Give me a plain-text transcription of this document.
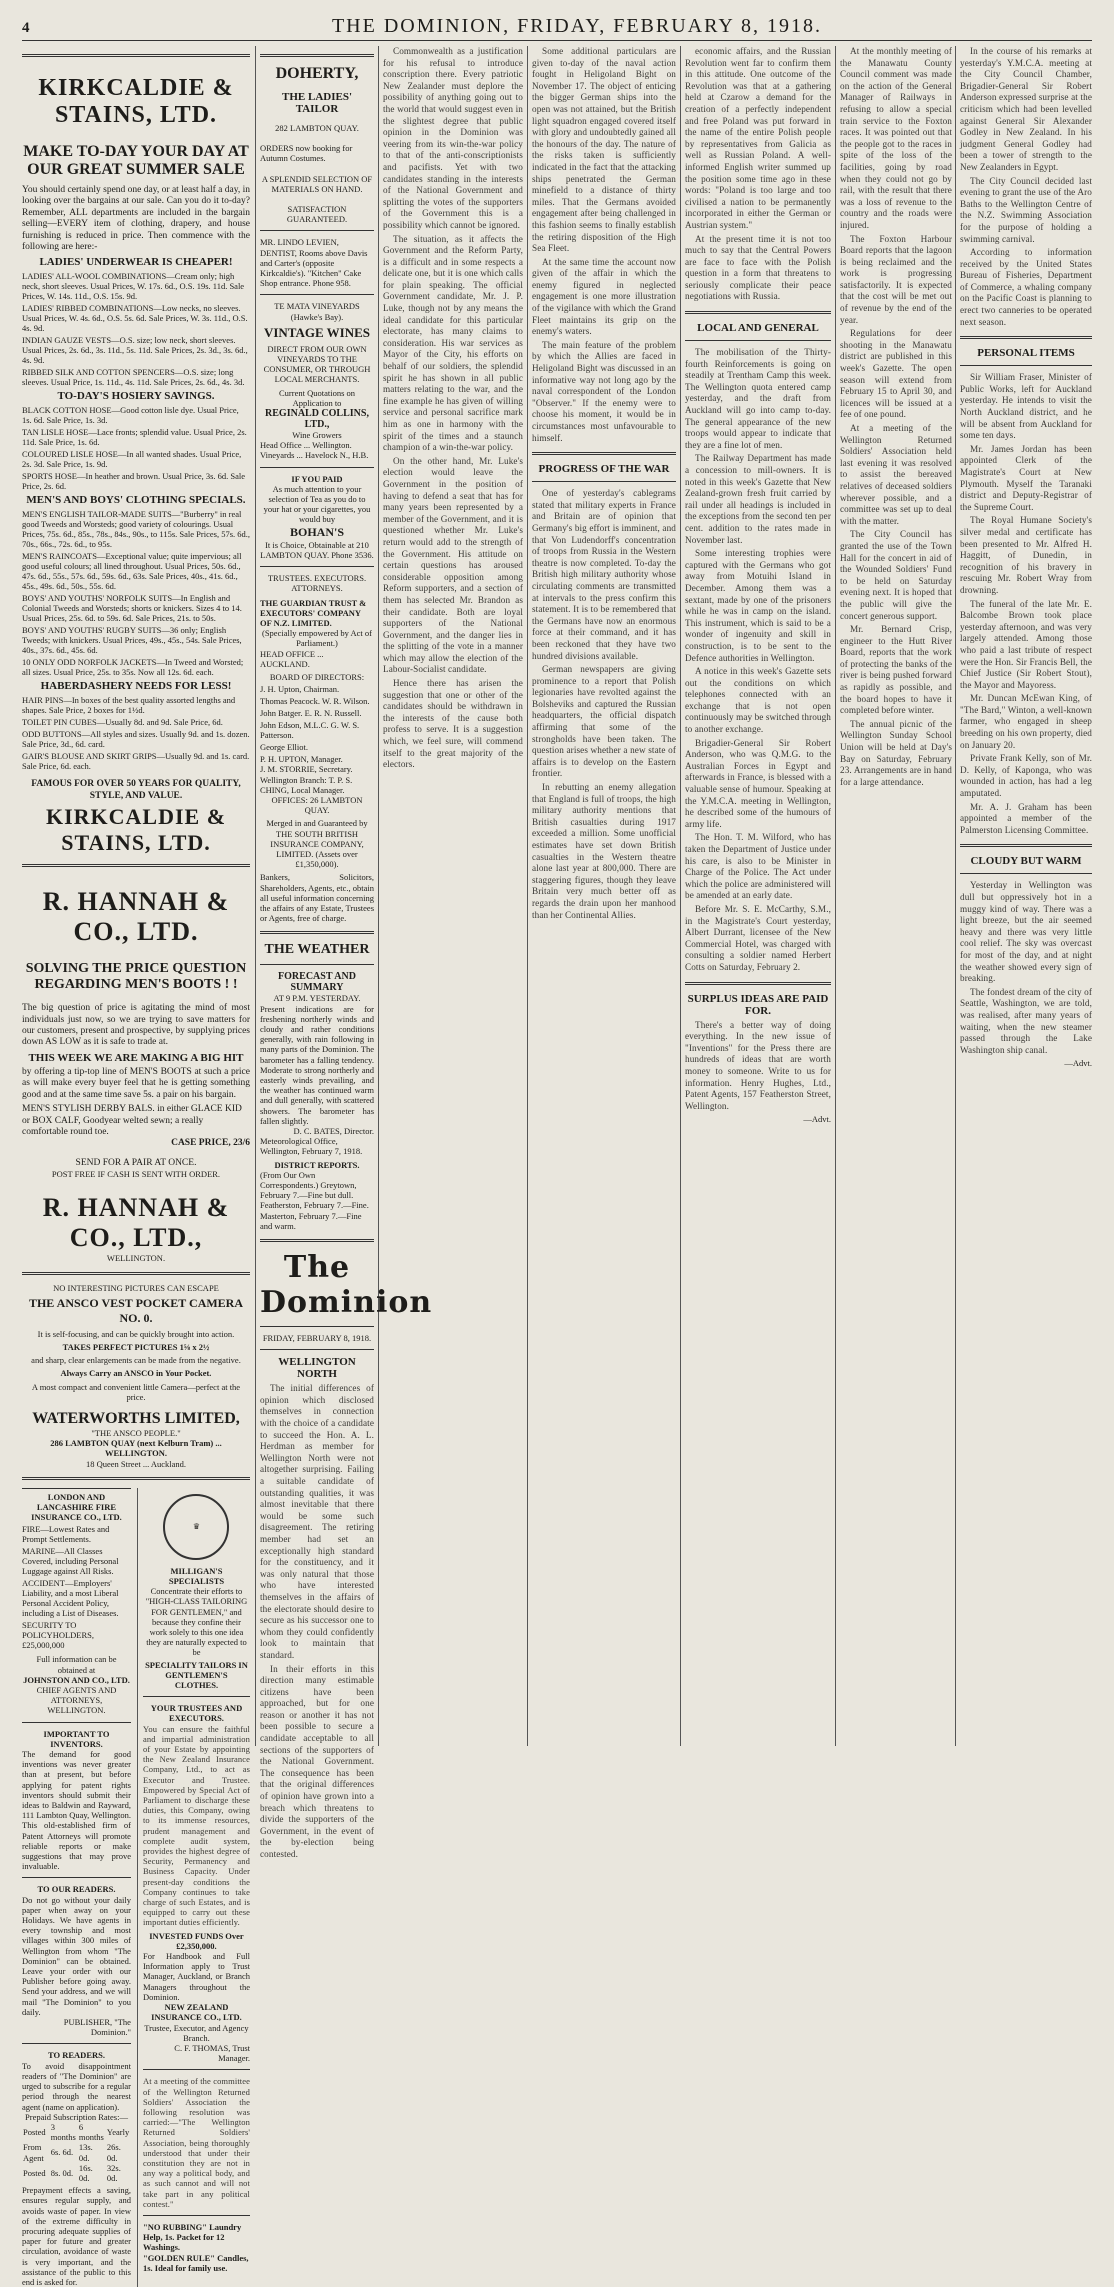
4	THE DOMINION, FRIDAY, FEBRUARY 8, 1918.
KIRKCALDIE & STAINS, LTD.
MAKE TO-DAY YOUR DAY AT OUR GREAT SUMMER SALE
You should certainly spend one day, or at least half a day, in looking over the bargains at our sale. Can you do it to-day? Remember, ALL departments are included in the bargain selling—EVERY item of clothing, drapery, and house furnishing is reduced in price. Then commence with the following are here:-
LADIES' UNDERWEAR IS CHEAPER!
LADIES' ALL-WOOL COMBINATIONS—Cream only; high neck, short sleeves. Usual Prices, W. 17s. 6d., O.S. 19s. 11d. Sale Prices, W. 14s. 11d., O.S. 15s. 9d.
LADIES' RIBBED COMBINATIONS—Low necks, no sleeves. Usual Prices, W. 4s. 6d., O.S. 5s. 6d. Sale Prices, W. 3s. 11d., O.S. 4s. 9d.
INDIAN GAUZE VESTS—O.S. size; low neck, short sleeves. Usual Prices, 2s. 6d., 3s. 11d., 5s. 11d. Sale Prices, 2s. 3d., 3s. 6d., 4s. 9d.
RIBBED SILK AND COTTON SPENCERS—O.S. size; long sleeves. Usual Price, 1s. 11d., 4s. 11d. Sale Prices, 2s. 6d., 4s. 3d.
TO-DAY'S HOSIERY SAVINGS.
BLACK COTTON HOSE—Good cotton lisle dye. Usual Price, 1s. 6d. Sale Price, 1s. 3d.
TAN LISLE HOSE—Lace fronts; splendid value. Usual Price, 2s. 11d. Sale Price, 1s. 6d.
COLOURED LISLE HOSE—In all wanted shades. Usual Price, 2s. 3d. Sale Price, 1s. 9d.
SPORTS HOSE—In heather and brown. Usual Price, 3s. 6d. Sale Price, 2s. 6d.
MEN'S AND BOYS' CLOTHING SPECIALS.
MEN'S ENGLISH TAILOR-MADE SUITS—"Burberry" in real good Tweeds and Worsteds; good variety of colourings. Usual Prices, 75s. 6d., 85s., 78s., 84s., 90s., to 115s. Sale Prices, 57s. 6d., 70s., 66s., 72s. 6d., to 95s.
MEN'S RAINCOATS—Exceptional value; quite impervious; all good useful colours; all lined throughout. Usual Prices, 50s. 6d., 47s. 6d., 55s., 57s. 6d., 59s. 6d., 63s. Sale Prices, 40s., 41s. 6d., 45s., 49s. 6d., 50s., 55s. 6d.
BOYS' AND YOUTHS' NORFOLK SUITS—In English and Colonial Tweeds and Worsteds; shorts or knickers. Sizes 4 to 14. Usual Prices, 25s. 6d. to 59s. 6d. Sale Prices, 21s. to 50s.
BOYS' AND YOUTHS' RUGBY SUITS—36 only; English Tweeds; with knickers. Usual Prices, 49s., 45s., 54s. Sale Prices, 40s., 37s. 6d., 45s. 6d.
10 ONLY ODD NORFOLK JACKETS—In Tweed and Worsted; all sizes. Usual Price, 25s. to 35s. Now all 12s. 6d. each.
HABERDASHERY NEEDS FOR LESS!
HAIR PINS—In boxes of the best quality assorted lengths and shapes. Sale Price, 2 boxes for 1½d.
TOILET PIN CUBES—Usually 8d. and 9d. Sale Price, 6d.
ODD BUTTONS—All styles and sizes. Usually 9d. and 1s. dozen. Sale Price, 3d., 6d. card.
GAIR'S BLOUSE AND SKIRT GRIPS—Usually 9d. and 1s. card. Sale Price, 6d. each.
FAMOUS FOR OVER 50 YEARS FOR QUALITY, STYLE, AND VALUE.
KIRKCALDIE & STAINS, LTD.
R. HANNAH & CO., LTD.
SOLVING THE PRICE QUESTION REGARDING MEN'S BOOTS ! !
The big question of price is agitating the mind of most individuals just now, so we are trying to save matters for our customers, present and prospective, by supplying prices down AS LOW as it is safe to trade at.
THIS WEEK WE ARE MAKING A BIG HIT
by offering a tip-top line of MEN'S BOOTS at such a price as will make every buyer feel that he is getting something good and at the same time save 5s. a pair on his bargain.
MEN'S STYLISH DERBY BALS. in either GLACE KID or BOX CALF, Goodyear welted sewn; a really comfortable round toe.
CASE PRICE, 23/6
SEND FOR A PAIR AT ONCE.
POST FREE IF CASH IS SENT WITH ORDER.
R. HANNAH & CO., LTD.,
WELLINGTON.
NO INTERESTING PICTURES CAN ESCAPE
THE ANSCO VEST POCKET CAMERA NO. 0.
It is self-focusing, and can be quickly brought into action.
TAKES PERFECT PICTURES 1⅝ x 2½
and sharp, clear enlargements can be made from the negative.
Always Carry an ANSCO in Your Pocket.
A most compact and convenient little Camera—perfect at the price.
WATERWORTHS LIMITED,
"THE ANSCO PEOPLE."
286 LAMBTON QUAY (next Kelburn Tram) ... WELLINGTON.
18 Queen Street ... Auckland.
LONDON AND LANCASHIRE FIRE INSURANCE CO., LTD.
FIRE—Lowest Rates and Prompt Settlements.
MARINE—All Classes Covered, including Personal Luggage against All Risks.
ACCIDENT—Employers' Liability, and a most Liberal Personal Accident Policy, including a List of Diseases.
SECURITY TO POLICYHOLDERS, £25,000,000
Full information can be obtained at
JOHNSTON AND CO., LTD.
CHIEF AGENTS AND ATTORNEYS, WELLINGTON.
IMPORTANT TO INVENTORS.
The demand for good inventions was never greater than at present, but before applying for patent rights inventors should submit their ideas to Baldwin and Rayward, 111 Lambton Quay, Wellington. This old-established firm of Patent Attorneys will promote reliable reports or make suggestions that may prove invaluable.
TO OUR READERS.
Do not go without your daily paper when away on your Holidays. We have agents in every township and most villages within 300 miles of Wellington from whom "The Dominion" can be obtained. Leave your order with our Publisher before going away. Send your address, and we will mail "The Dominion" to you daily.
PUBLISHER, "The Dominion."
TO READERS.
To avoid disappointment readers of "The Dominion" are urged to subscribe for a regular period through the nearest agent (name on application).
Prepaid Subscription Rates:—
Posted	3 months	6 months	Yearly
From Agent	6s. 6d.	13s. 0d.	26s. 0d.
Posted	8s. 0d.	16s. 0d.	32s. 0d.
Prepayment effects a saving, ensures regular supply, and avoids waste of paper. In view of the extreme difficulty in procuring adequate supplies of paper for future and greater circulation, avoidance of waste is very important, and the assistance of the public to this end is asked for.
♛
MILLIGAN'S SPECIALISTS
Concentrate their efforts to "HIGH-CLASS TAILORING FOR GENTLEMEN," and because they confine their work solely to this one idea they are naturally expected to be
SPECIALITY TAILORS IN GENTLEMEN'S CLOTHES.
YOUR TRUSTEES AND EXECUTORS.
You can ensure the faithful and impartial administration of your Estate by appointing the New Zealand Insurance Company, Ltd., to act as Executor and Trustee. Empowered by Special Act of Parliament to discharge these duties, this Company, owing to its immense resources, prudent management and complete audit system, provides the highest degree of Security, Permanency and Business Capacity. Under present-day conditions the Company continues to take charge of such Estates, and is equipped to carry out these important duties efficiently.
INVESTED FUNDS Over £2,350,000.
For Handbook and Full Information apply to Trust Manager, Auckland, or Branch Managers throughout the Dominion.
NEW ZEALAND INSURANCE CO., LTD.
Trustee, Executor, and Agency Branch.
C. F. THOMAS, Trust Manager.
At a meeting of the committee of the Wellington Returned Soldiers' Association the following resolution was carried:—"The Wellington Returned Soldiers' Association, being thoroughly understood that under their constitution they are not in any way a political body, and as such cannot and will not take part in any political contest."
"NO RUBBING" Laundry Help, 1s. Packet for 12 Washings.
"GOLDEN RULE" Candles, 1s. Ideal for family use.
DOHERTY,
THE LADIES' TAILOR
282 LAMBTON QUAY.
ORDERS now booking for Autumn Costumes.
A SPLENDID SELECTION OF MATERIALS ON HAND.
SATISFACTION GUARANTEED.
MR. LINDO LEVIEN, DENTIST, Rooms above Davis and Carter's (opposite Kirkcaldie's). "Kitchen" Cake Shop entrance. Phone 958.
TE MATA VINEYARDS (Hawke's Bay).
VINTAGE WINES
DIRECT FROM OUR OWN VINEYARDS TO THE CONSUMER, OR THROUGH LOCAL MERCHANTS.
Current Quotations on Application to
REGINALD COLLINS, LTD.,
Wine Growers
Head Office ... Wellington.
Vineyards ... Havelock N., H.B.
IF YOU PAID
As much attention to your selection of Tea as you do to your hat or your cigarettes, you would buy
BOHAN'S
It is Choice, Obtainable at 210 LAMBTON QUAY. Phone 3536.
TRUSTEES. EXECUTORS. ATTORNEYS.
THE GUARDIAN TRUST & EXECUTORS' COMPANY OF N.Z. LIMITED.
(Specially empowered by Act of Parliament.)
HEAD OFFICE ... AUCKLAND.
BOARD OF DIRECTORS:
J. H. Upton, Chairman.
Thomas Peacock. W. R. Wilson.
John Batger. E. R. N. Russell.
John Edson, M.L.C. G. W. S. Patterson.
George Elliot.
P. H. UPTON, Manager.
J. M. STORRIE, Secretary.
Wellington Branch: T. P. S. CHING, Local Manager.
OFFICES: 26 LAMBTON QUAY.
Merged in and Guaranteed by THE SOUTH BRITISH INSURANCE COMPANY, LIMITED. (Assets over £1,350,000).
Bankers, Solicitors, Shareholders, Agents, etc., obtain all useful information concerning the affairs of any Estate, Trustees or Agents, free of charge.
THE WEATHER
FORECAST AND SUMMARY
AT 9 P.M. YESTERDAY.
Present indications are for freshening northerly winds and cloudy and rather conditions generally, with rain following in many parts of the Dominion. The barometer has a falling tendency. Moderate to strong northerly and easterly winds prevailing, and the weather has continued warm and dull generally, with scattered showers. The barometer has fallen slightly.
D. C. BATES, Director.
Meteorological Office, Wellington, February 7, 1918.
DISTRICT REPORTS.
(From Our Own Correspondents.) Greytown, February 7.—Fine but dull. Featherston, February 7.—Fine. Masterton, February 7.—Fine and warm.
The Dominion
FRIDAY, FEBRUARY 8, 1918.
WELLINGTON NORTH

The initial differences of opinion which disclosed themselves in connection with the choice of a candidate to succeed the Hon. A. L. Herdman as member for Wellington North were not altogether surprising. Failing a suitable candidate of outstanding qualities, it was almost inevitable that there would be some such disagreement. The retiring member had set an exceptionally high standard for the constituency, and it was only natural that those who have interested themselves in the affairs of the electorate should desire to secure as his successor one to whom they could confidently look to maintain that standard.

In their efforts in this direction many estimable citizens have been approached, but for one reason or another it has not been possible to secure a candidate acceptable to all sections of the supporters of the National Government. The consequence has been that the original differences of opinion have grown into a breach which threatens to divide the supporters of the Government, in the event of the by-election being contested.

Commonwealth as a justification for his refusal to introduce conscription there. Every patriotic New Zealander must deplore the possibility of anything going out to the world that would suggest even in the slightest degree that public opinion in the Dominion was veering from its win-the-war policy to that of the anti-conscriptionists and pacifists. Yet with two candidates standing in the interests of the National Government and splitting the votes of the supporters of the Government this is a possibility which cannot be ignored.

The situation, as it affects the Government and the Reform Party, is a difficult and in some respects a delicate one, but it is one which calls for plain speaking. The official Government candidate, Mr. J. P. Luke, though not by any means the ideal candidate for this particular electorate, has many claims to consideration. His war services as Mayor of the City, his efforts on behalf of our soldiers, the splendid spirit he has shown in all public matters relating to the war, and the fine example he has given of willing service and personal sacrifice mark him as one in harmony with the spirit of the times and a staunch champion of a win-the-war policy.

On the other hand, Mr. Luke's election would leave the Government in the position of having to defend a seat that has for many years been represented by a member of the Government, and it is questioned whether Mr. Luke's return would add to the strength of the Government. His attitude on certain questions has aroused considerable opposition among Reform supporters, and a section of them has selected Mr. Brandon as their candidate. Both are loyal supporters of the National Government, and the danger lies in the splitting of the vote in a manner which may allow the election of the Labour-Socialist candidate.

Hence there has arisen the suggestion that one or other of the candidates should be withdrawn in the interests of the cause both profess to serve. It is a suggestion which, we feel sure, will commend itself to the great majority of the electors.

Some additional particulars are given to-day of the naval action fought in Heligoland Bight on November 17. The object of enticing the bigger German ships into the open was not attained, but the British light squadron engaged covered itself with glory and undoubtedly gained all the honours of the day. The nature of the risks taken is sufficiently indicated in the fact that the attacking ships penetrated the German minefield to a distance of thirty miles. That the Germans avoided engagement after being challenged in this fashion seems to finally establish the retiring disposition of the High Sea Fleet.

At the same time the account now given of the affair in which the enemy figured in neglected engagement is one more illustration of the vigilance with which the Grand Fleet maintains its grip on the enemy's waters.

The main feature of the problem by which the Allies are faced in Heligoland Bight was discussed in an informative way not long ago by the naval correspondent of the London "Observer." If the enemy were to choose his moment, it would be in circumstances most unfavourable to himself.

PROGRESS OF THE WAR

One of yesterday's cablegrams stated that military experts in France and Britain are of opinion that Germany's big effort is imminent, and that Von Ludendorff's concentration of troops from Russia in the Western theatre is now completed. To-day the British high military authority whose circulating comments are transmitted at intervals to the press confirm this statement. It is to be remembered that the Germans have now an enormous force at their command, and it has been reckoned that they have two hundred divisions available.

German newspapers are giving prominence to a report that Polish legionaries have revolted against the Bolsheviks and captured the Russian headquarters, the official dispatch affirming that some of the strongholds have been taken. The question arises whether a new state of affairs is to develop on the Eastern frontier.

In rebutting an enemy allegation that England is full of troops, the high military authority mentions that British casualties during 1917 exceeded a million. Some unofficial estimates have set down British casualties in the Western theatre alone last year at 800,000. There are staggering figures, though they leave Britain very much better off as regards the drain upon her manhood than her Continental Allies.

economic affairs, and the Russian Revolution went far to confirm them in this attitude. One outcome of the Revolution was that at a gathering held at Czarow a demand for the creation of a perfectly independent and free Poland was put forward in the name of the entire Polish people by representatives from Galicia as well as Russian Poland. A well-informed English writer summed up the position some time ago in these words: "Poland is too large and too civilised a nation to be permanently incorporated in either the German or Austrian system."

At the present time it is not too much to say that the Central Powers are face to face with the Polish question in a form that threatens to seriously complicate their peace negotiations with Russia.

LOCAL AND GENERAL

The mobilisation of the Thirty-fourth Reinforcements is going on steadily at Trentham Camp this week. The Wellington quota entered camp yesterday, and the draft from Auckland will go into camp to-day. The general appearance of the new troops would appear to indicate that they are a fine lot of men.

The Railway Department has made a concession to mill-owners. It is noted in this week's Gazette that New Zealand-grown fresh fruit carried by rail under all headings is included in the exceptions from the second ten per cent. addition to the rates made in November last.

Some interesting trophies were captured with the Germans who got away from Motuihi Island in December. Among them was a sextant, made by one of the prisoners while he was in camp on the island. This instrument, which is said to be a wonder of ingenuity and skill in construction, is to be sent to the Defence authorities in Wellington.

A notice in this week's Gazette sets out the conditions on which telephones connected with an exchange that is not open continuously may be switched through to another exchange.

Brigadier-General Sir Robert Anderson, who was Q.M.G. to the Australian Forces in Egypt and afterwards in France, is blessed with a valuable sense of humour. Speaking at the Y.M.C.A. meeting in Wellington, he described some of the humours of army life.

The Hon. T. M. Wilford, who has taken the Department of Justice under his care, is also to be Minister in Charge of the Police. The Act under which the police are administered will be amended at an early date.

Before Mr. S. E. McCarthy, S.M., in the Magistrate's Court yesterday, Albert Durrant, licensee of the New Commercial Hotel, was charged with consulting a soldier named Herbert Cotts on Saturday, February 2.

SURPLUS IDEAS ARE PAID FOR.

There's a better way of doing everything. In the new issue of "Inventions" for the Press there are hundreds of ideas that are worth money to someone. Write to us for information. Henry Hughes, Ltd., Patent Agents, 157 Featherston Street, Wellington.

—Advt.

At the monthly meeting of the Manawatu County Council comment was made on the action of the General Manager of Railways in refusing to allow a special train service to the Foxton races. It was pointed out that the people got to the races in spite of the loss of the facilities, going by road when they could not go by rail, with the result that there was a loss of revenue to the country and the roads were injured.

The Foxton Harbour Board reports that the lagoon is being reclaimed and the work is progressing satisfactorily. It is expected that the cost will be met out of revenue by the end of the year.

Regulations for deer shooting in the Manawatu district are published in this week's Gazette. The open season will extend from February 15 to April 30, and licences will be issued at a fee of one pound.

At a meeting of the Wellington Returned Soldiers' Association held last evening it was resolved to assist the bereaved relatives of deceased soldiers wherever possible, and a committee was set up to deal with the matter.

The City Council has granted the use of the Town Hall for the concert in aid of the Wounded Soldiers' Fund to be held on Saturday evening next. It is hoped that the public will give the concert generous support.

Mr. Bernard Crisp, engineer to the Hutt River Board, reports that the work of protecting the banks of the river is being pushed forward as rapidly as possible, and the board hopes to have it completed before winter.

The annual picnic of the Wellington Sunday School Union will be held at Day's Bay on Saturday, February 23. Arrangements are in hand for a large attendance.

In the course of his remarks at yesterday's Y.M.C.A. meeting at the City Council Chamber, Brigadier-General Sir Robert Anderson expressed surprise at the criticism which had been levelled against General Sir Alexander Godley in New Zealand. In his judgment General Godley had been a tower of strength to the New Zealanders in Egypt.

The City Council decided last evening to grant the use of the Aro Baths to the Wellington Centre of the N.Z. Swimming Association for the purpose of holding a swimming carnival.

According to information received by the United States Bureau of Fisheries, Department of Commerce, a whaling company on the Pacific Coast is planning to erect two canneries to be operated next season.

PERSONAL ITEMS

Sir William Fraser, Minister of Public Works, left for Auckland yesterday. He intends to visit the North Auckland district, and he will be absent from Auckland for some ten days.

Mr. James Jordan has been appointed Clerk of the Magistrate's Court at New Plymouth. Myself the Taranaki district and Deputy-Registrar of the Supreme Court.

The Royal Humane Society's silver medal and certificate has been presented to Mr. Alfred H. Haggitt, of Dunedin, in recognition of his bravery in rescuing Mr. Robert Wray from drowning.

The funeral of the late Mr. E. Balcombe Brown took place yesterday afternoon, and was very largely attended. Among those who paid a last tribute of respect were the Hon. Sir Francis Bell, the Chief Justice (Sir Robert Stout), the Mayor and Mayoress.

Mr. Duncan McEwan King, of "The Bard," Winton, a well-known farmer, who engaged in sheep breeding on his own property, died on January 20.

Private Frank Kelly, son of Mr. D. Kelly, of Kaponga, who was wounded in action, has had a leg amputated.

Mr. A. J. Graham has been appointed a member of the Palmerston Licensing Committee.

CLOUDY BUT WARM

Yesterday in Wellington was dull but oppressively hot in a muggy kind of way. There was a light breeze, but the air seemed heavy and there was very little cool relief. The sky was overcast for most of the day, and at night the weather showed every sign of breaking.

The fondest dream of the city of Seattle, Washington, we are told, was realised, after many years of waiting, when the new steamer passed through the Lake Washington ship canal.

—Advt.
